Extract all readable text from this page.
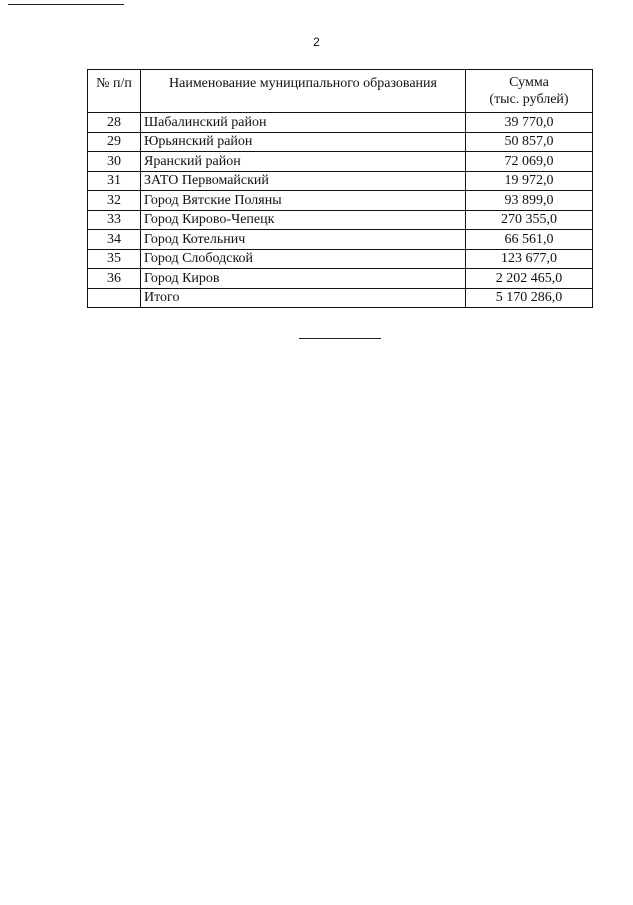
2
№ п/п	Наименование муниципального образования	Сумма
(тыс. рублей)

28	Шабалинский район	39 770,0
29	Юрьянский район	50 857,0
30	Яранский район	72 069,0
31	ЗАТО Первомайский	19 972,0
32	Город Вятские Поляны	93 899,0
33	Город Кирово-Чепецк	270 355,0
34	Город Котельнич	66 561,0
35	Город Слободской	123 677,0
36	Город Киров	2 202 465,0
	Итого	5 170 286,0
